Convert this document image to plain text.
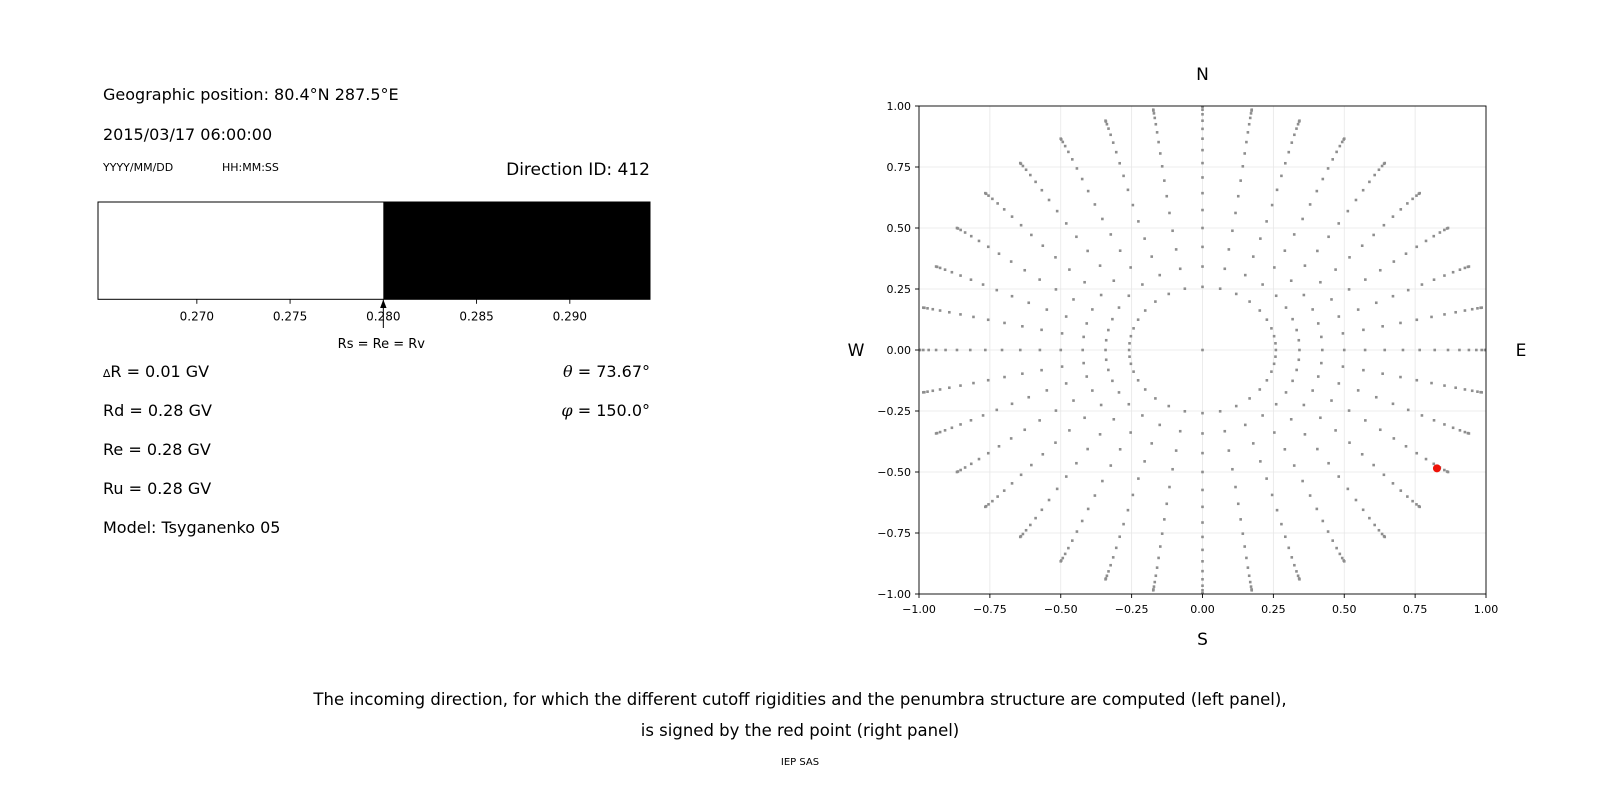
Geographic position: 80.4°N 287.5°E
2015/03/17 06:00:00
YYYY/MM/DD	HH:MM:SS	Direction ID: 412
0.270	0.275	0.280	0.285	0.290
Rs = Re = Rv
∆R = 0.01 GV
Rd = 0.28 GV
Re = 0.28 GV
Ru = 0.28 GV
Model: Tsyganenko 05
θ = 73.67°
φ = 150.0°
−1.00	−0.75	−0.50	−0.25	0.00	0.25	0.50	0.75	1.00
−1.00
−0.75
−0.50
−0.25
0.00
0.25
0.50
0.75
1.00
N
S
W	E
The incoming direction, for which the different cutoff rigidities and the penumbra structure are computed (left panel),
is signed by the red point (right panel)
IEP SAS
